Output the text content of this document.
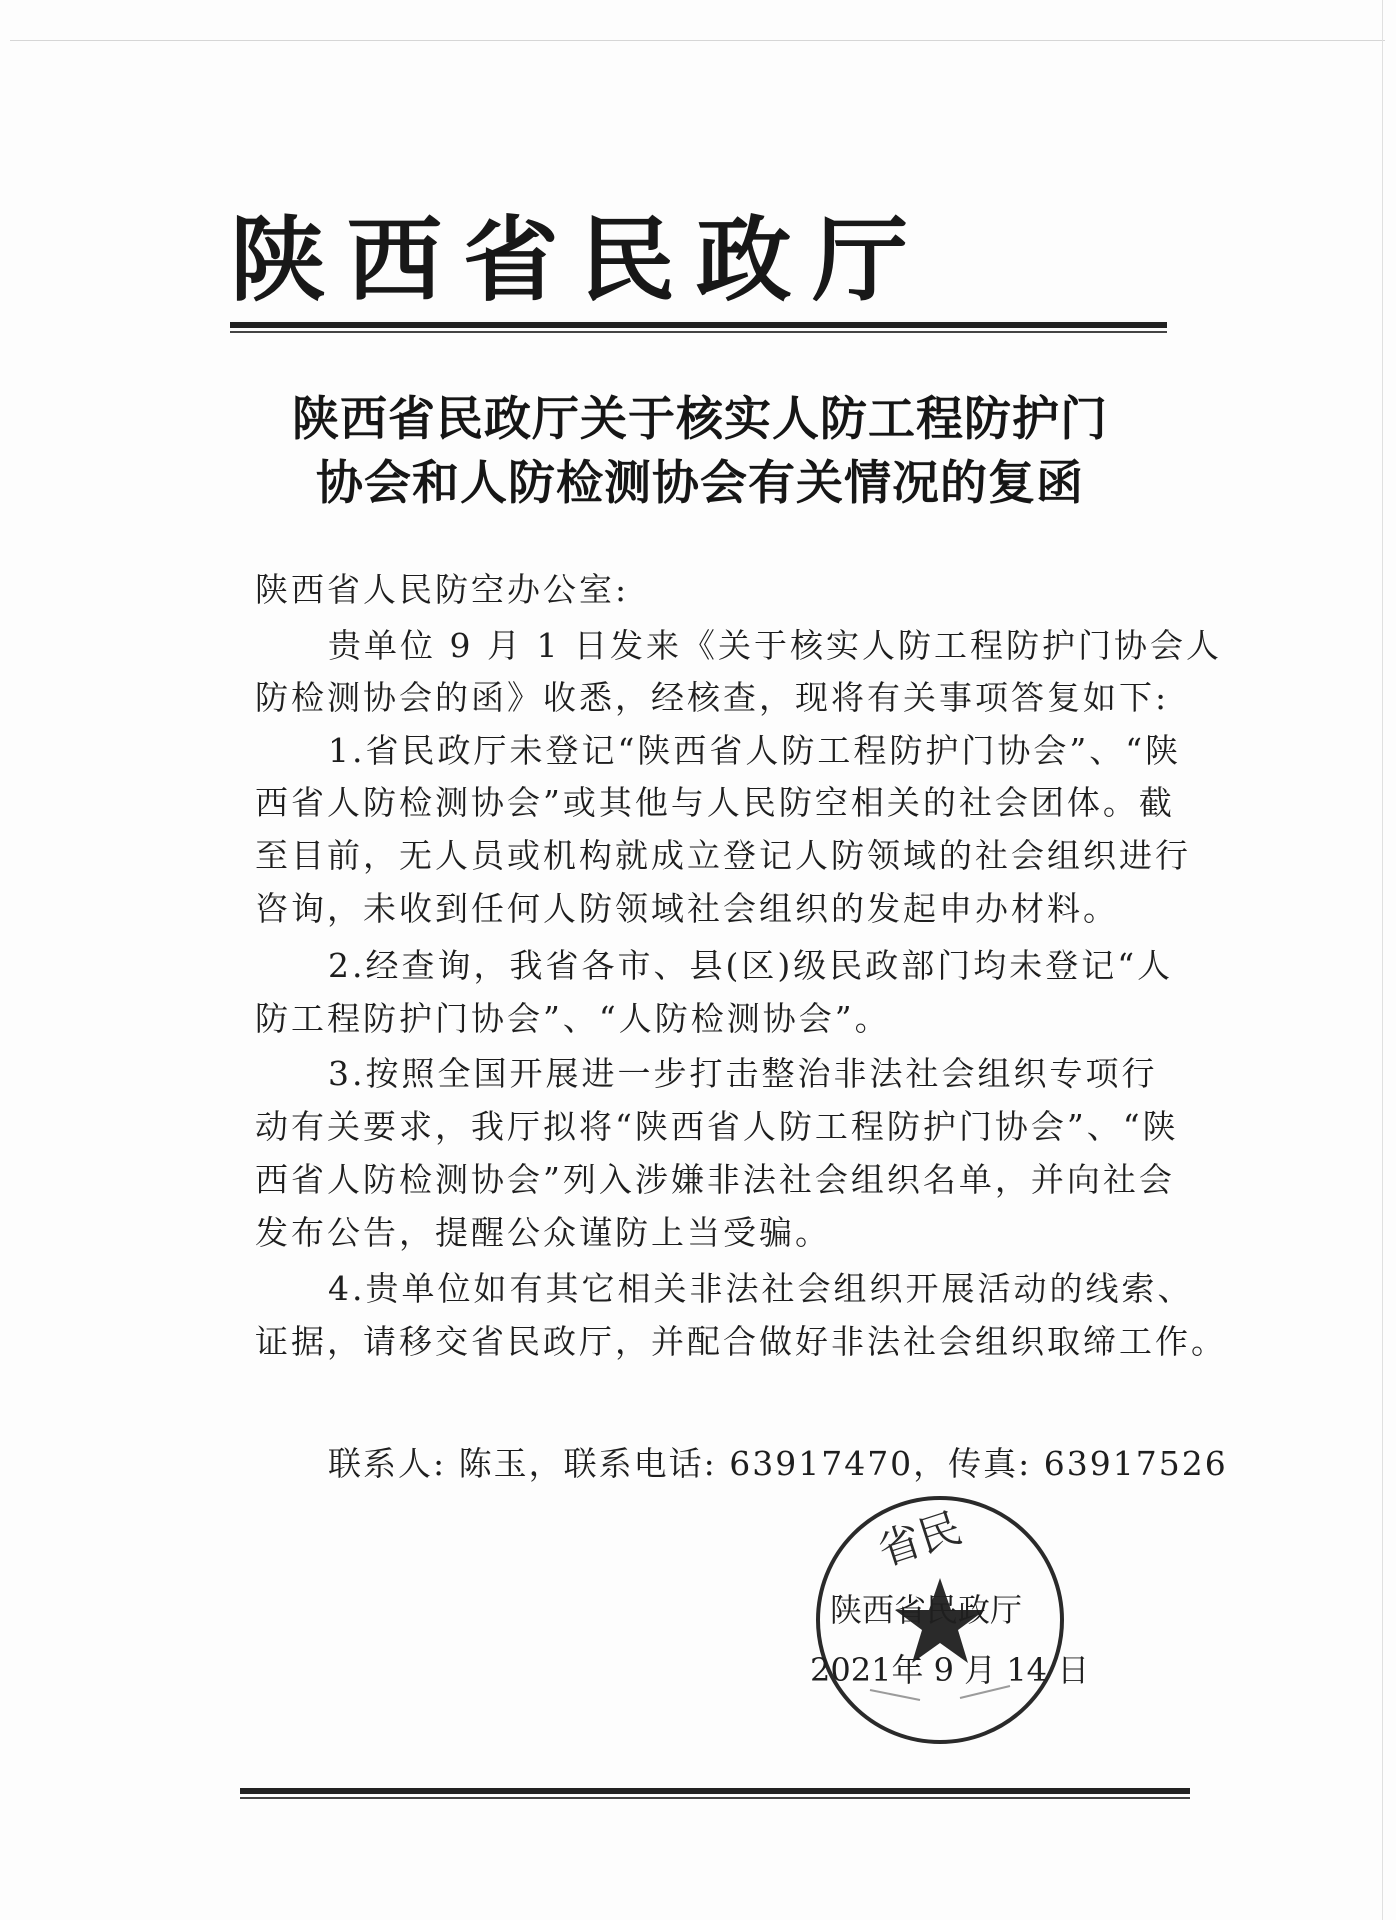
陕西省民政厅
陕西省民政厅关于核实人防工程防护门
协会和人防检测协会有关情况的复函
陕西省人民防空办公室:
贵单位 9 月 1 日发来《关于核实人防工程防护门协会人
防检测协会的函》收悉，经核查，现将有关事项答复如下:
1.省民政厅未登记“陕西省人防工程防护门协会”、“陕
西省人防检测协会”或其他与人民防空相关的社会团体。截
至目前，无人员或机构就成立登记人防领域的社会组织进行
咨询，未收到任何人防领域社会组织的发起申办材料。
2.经查询，我省各市、县(区)级民政部门均未登记“人
防工程防护门协会”、“人防检测协会”。
3.按照全国开展进一步打击整治非法社会组织专项行
动有关要求，我厅拟将“陕西省人防工程防护门协会”、“陕
西省人防检测协会”列入涉嫌非法社会组织名单，并向社会
发布公告，提醒公众谨防上当受骗。
4.贵单位如有其它相关非法社会组织开展活动的线索、
证据，请移交省民政厅，并配合做好非法社会组织取缔工作。
联系人: 陈玉，联系电话: 63917470，传真: 63917526
省民
陕西省民政厅
2021年 9 月 14 日
